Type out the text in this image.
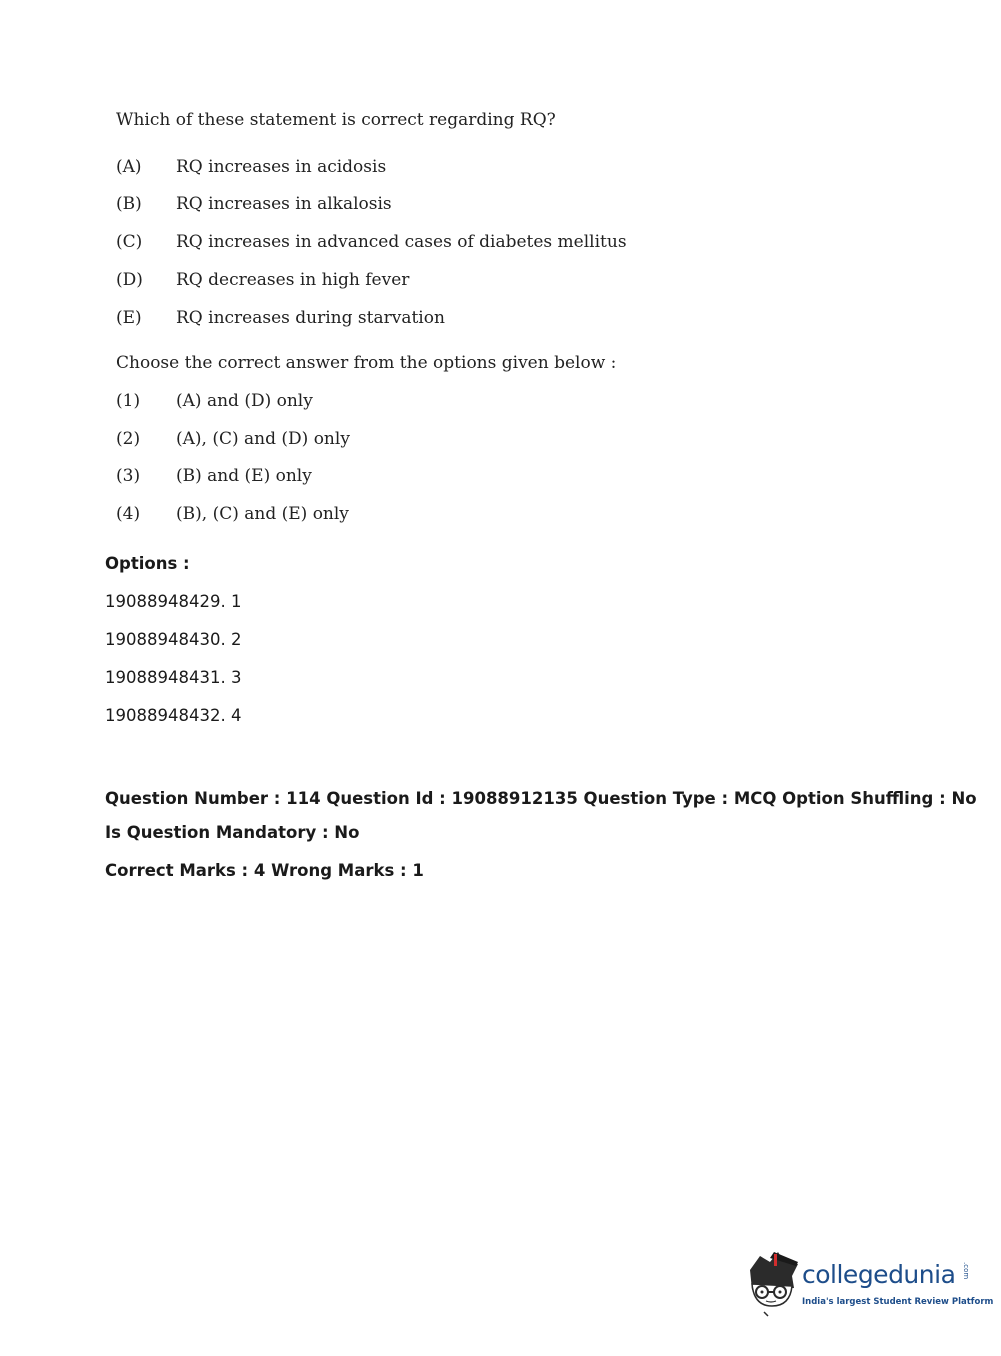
Which of these statement is correct regarding RQ?

(A) RQ increases in acidosis
(B) RQ increases in alkalosis
(C) RQ increases in advanced cases of diabetes mellitus
(D) RQ decreases in high fever
(E) RQ increases during starvation

Choose the correct answer from the options given below :

(1) (A) and (D) only
(2) (A), (C) and (D) only
(3) (B) and (E) only
(4) (B), (C) and (E) only

Options :

19088948429. 1
19088948430. 2
19088948431. 3
19088948432. 4
Question Number : 114 Question Id : 19088912135 Question Type : MCQ Option Shuffling : No
Is Question Mandatory : No
Correct Marks : 4 Wrong Marks : 1
collegedunia .com
India's largest Student Review Platform
